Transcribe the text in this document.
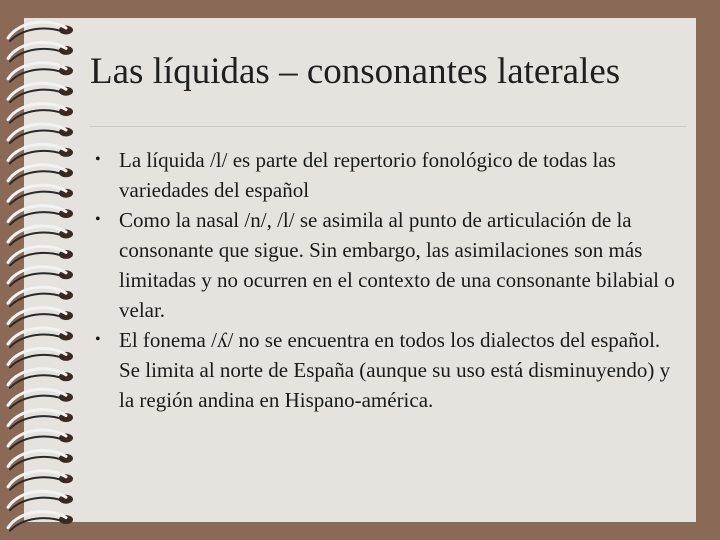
Las líquidas – consonantes laterales
• La líquida /l/ es parte del repertorio fonológico de todas las variedades del español
• Como la nasal /n/, /l/ se asimila al punto de articulación de la consonante que sigue. Sin embargo, las asimilaciones son más limitadas y no ocurren en el contexto de una consonante bilabial o velar.
• El fonema /ʎ/ no se encuentra en todos los dialectos del español. Se limita al norte de España (aunque su uso está disminuyendo) y la región andina en Hispano-américa.
